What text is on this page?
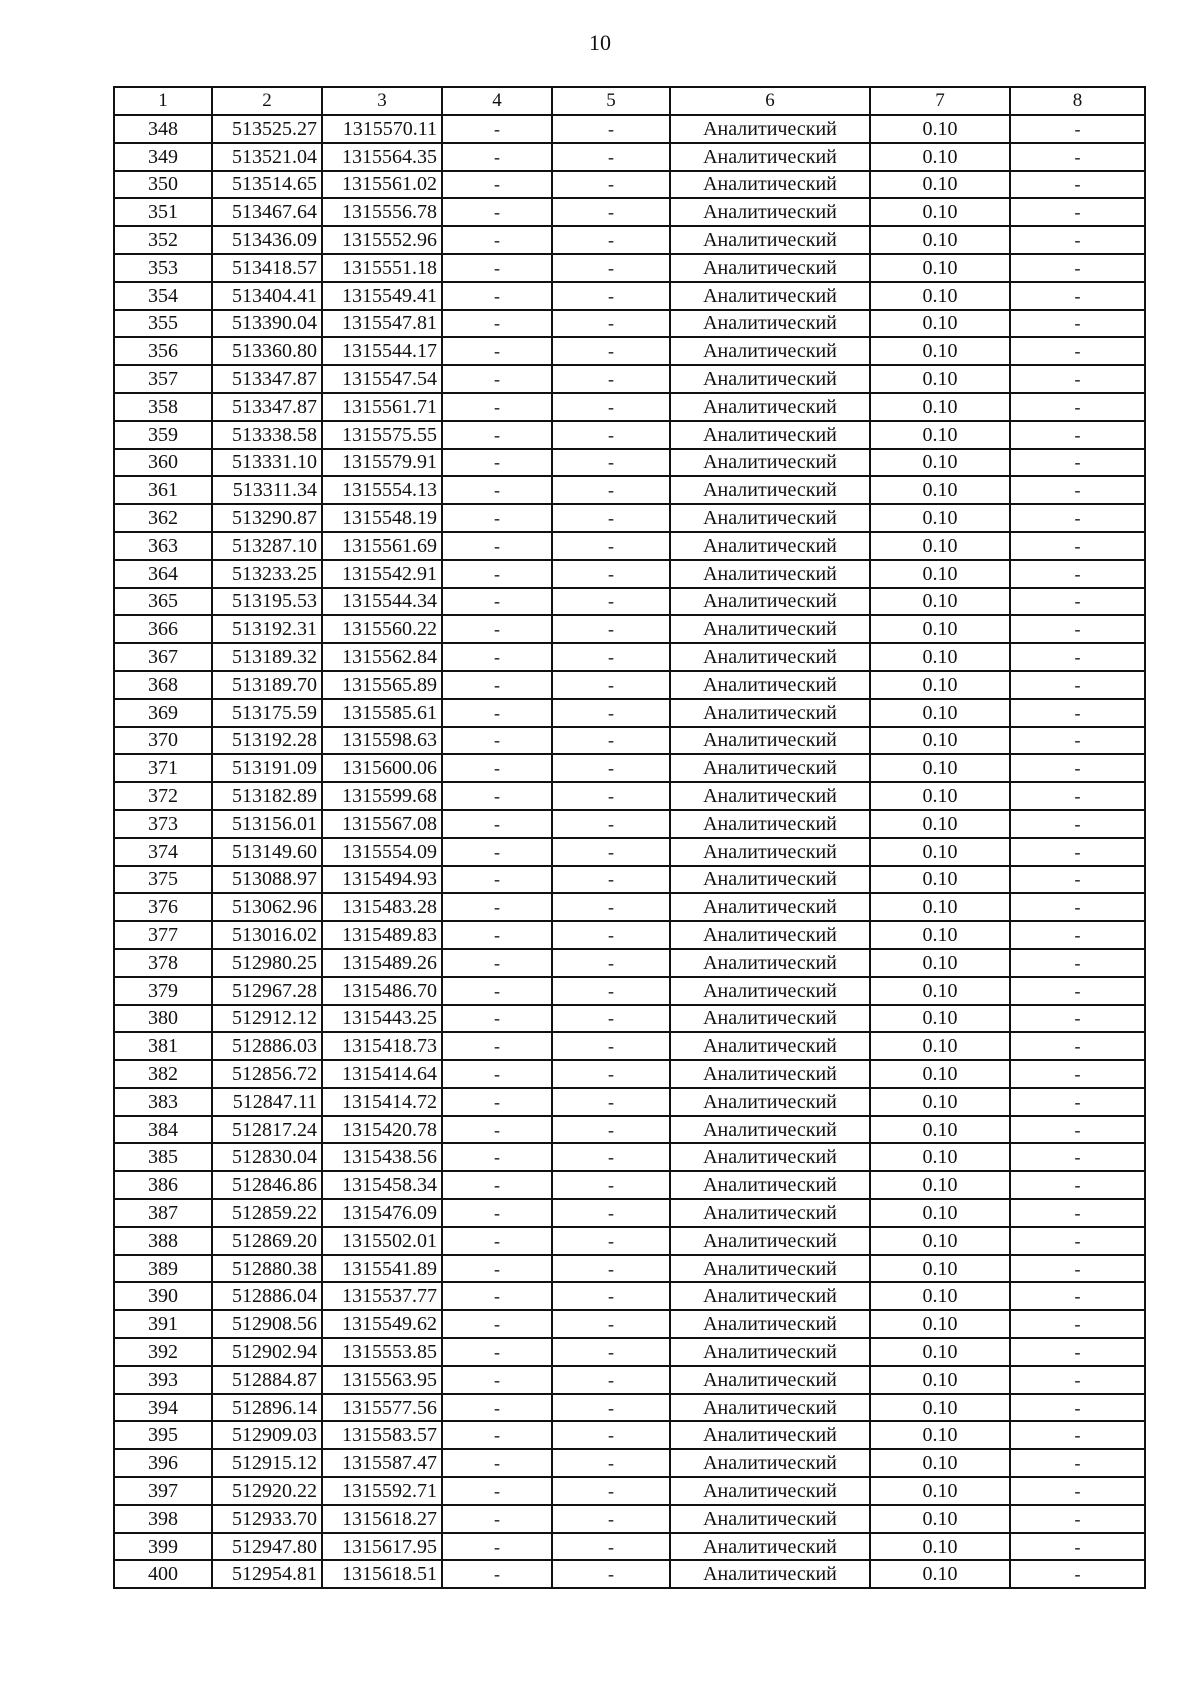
10
1	2	3	4	5	6	7	8
348	513525.27	1315570.11	-	-	Аналитический	0.10	-
349	513521.04	1315564.35	-	-	Аналитический	0.10	-
350	513514.65	1315561.02	-	-	Аналитический	0.10	-
351	513467.64	1315556.78	-	-	Аналитический	0.10	-
352	513436.09	1315552.96	-	-	Аналитический	0.10	-
353	513418.57	1315551.18	-	-	Аналитический	0.10	-
354	513404.41	1315549.41	-	-	Аналитический	0.10	-
355	513390.04	1315547.81	-	-	Аналитический	0.10	-
356	513360.80	1315544.17	-	-	Аналитический	0.10	-
357	513347.87	1315547.54	-	-	Аналитический	0.10	-
358	513347.87	1315561.71	-	-	Аналитический	0.10	-
359	513338.58	1315575.55	-	-	Аналитический	0.10	-
360	513331.10	1315579.91	-	-	Аналитический	0.10	-
361	513311.34	1315554.13	-	-	Аналитический	0.10	-
362	513290.87	1315548.19	-	-	Аналитический	0.10	-
363	513287.10	1315561.69	-	-	Аналитический	0.10	-
364	513233.25	1315542.91	-	-	Аналитический	0.10	-
365	513195.53	1315544.34	-	-	Аналитический	0.10	-
366	513192.31	1315560.22	-	-	Аналитический	0.10	-
367	513189.32	1315562.84	-	-	Аналитический	0.10	-
368	513189.70	1315565.89	-	-	Аналитический	0.10	-
369	513175.59	1315585.61	-	-	Аналитический	0.10	-
370	513192.28	1315598.63	-	-	Аналитический	0.10	-
371	513191.09	1315600.06	-	-	Аналитический	0.10	-
372	513182.89	1315599.68	-	-	Аналитический	0.10	-
373	513156.01	1315567.08	-	-	Аналитический	0.10	-
374	513149.60	1315554.09	-	-	Аналитический	0.10	-
375	513088.97	1315494.93	-	-	Аналитический	0.10	-
376	513062.96	1315483.28	-	-	Аналитический	0.10	-
377	513016.02	1315489.83	-	-	Аналитический	0.10	-
378	512980.25	1315489.26	-	-	Аналитический	0.10	-
379	512967.28	1315486.70	-	-	Аналитический	0.10	-
380	512912.12	1315443.25	-	-	Аналитический	0.10	-
381	512886.03	1315418.73	-	-	Аналитический	0.10	-
382	512856.72	1315414.64	-	-	Аналитический	0.10	-
383	512847.11	1315414.72	-	-	Аналитический	0.10	-
384	512817.24	1315420.78	-	-	Аналитический	0.10	-
385	512830.04	1315438.56	-	-	Аналитический	0.10	-
386	512846.86	1315458.34	-	-	Аналитический	0.10	-
387	512859.22	1315476.09	-	-	Аналитический	0.10	-
388	512869.20	1315502.01	-	-	Аналитический	0.10	-
389	512880.38	1315541.89	-	-	Аналитический	0.10	-
390	512886.04	1315537.77	-	-	Аналитический	0.10	-
391	512908.56	1315549.62	-	-	Аналитический	0.10	-
392	512902.94	1315553.85	-	-	Аналитический	0.10	-
393	512884.87	1315563.95	-	-	Аналитический	0.10	-
394	512896.14	1315577.56	-	-	Аналитический	0.10	-
395	512909.03	1315583.57	-	-	Аналитический	0.10	-
396	512915.12	1315587.47	-	-	Аналитический	0.10	-
397	512920.22	1315592.71	-	-	Аналитический	0.10	-
398	512933.70	1315618.27	-	-	Аналитический	0.10	-
399	512947.80	1315617.95	-	-	Аналитический	0.10	-
400	512954.81	1315618.51	-	-	Аналитический	0.10	-
